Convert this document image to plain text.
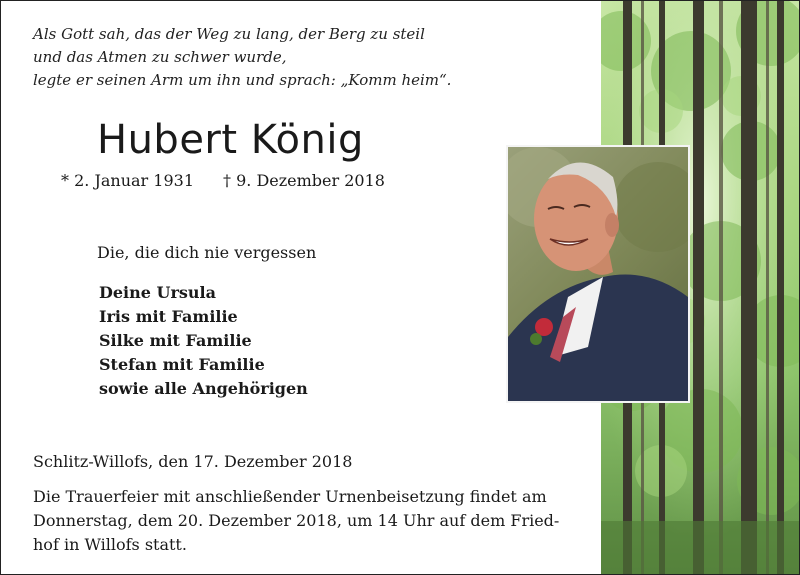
Als Gott sah, das der Weg zu lang, der Berg zu steil
und das Atmen zu schwer wurde,
legte er seinen Arm um ihn und sprach: „Komm heim“.
Hubert König
* 2. Januar 1931 † 9. Dezember 2018
Die, die dich nie vergessen
Deine Ursula
Iris mit Familie
Silke mit Familie
Stefan mit Familie
sowie alle Angehörigen
Schlitz-Willofs, den 17. Dezember 2018
Die Trauerfeier mit anschließender Urnenbeisetzung findet am
Donnerstag, dem 20. Dezember 2018, um 14 Uhr auf dem Fried-
hof in Willofs statt.
